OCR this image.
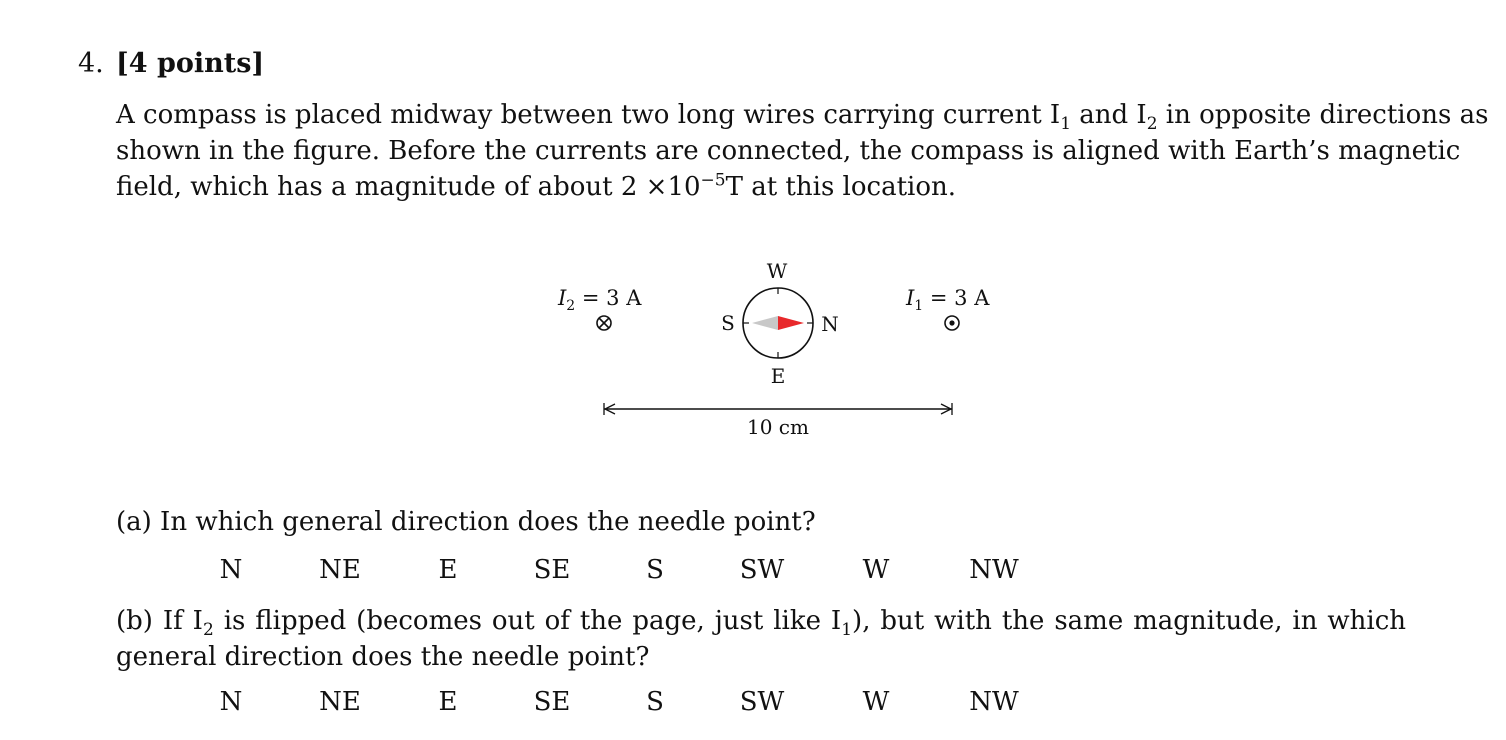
4. [4 points]
A compass is placed midway between two long wires carrying current $I_1$ and $I_2$ in opposite directions as
shown in the figure. Before the currents are connected, the compass is aligned with Earth’s magnetic
field, which has a magnitude of about $2 \times 10^{-5}T$ at this location.
$I_2 = 3$ A
W
E
S	N
$I_1 = 3$ A
10 cm
(a) In which general direction does the needle point?
N	NE	E	SE	S	SW	W	NW
(b) If $I_2$ is flipped (becomes out of the page, just like $I_1$), but with the same magnitude, in which
general direction does the needle point?
N	NE	E	SE	S	SW	W	NW
